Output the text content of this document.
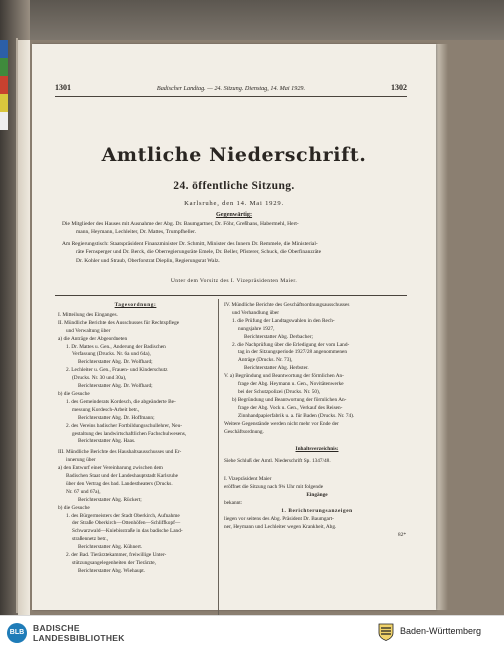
1301	Badischer Landtag. — 24. Sitzung. Dienstag, 14. Mai 1929.	1302
Amtliche Niederschrift.
24. öffentliche Sitzung.
Karlsruhe, den 14. Mai 1929.
Gegenwärtig:
Die Mitglieder des Hauses mit Ausnahme der Abg. Dr. Baumgartner, Dr. Föhr, Greßhans, Habermehl, Hert-
mann, Heymann, Lechleiter, Dr. Mattes, Trumpfheller.
Am Regierungstisch: Staatspräsident Finanzminister Dr. Schmitt, Minister des Innern Dr. Remmele, die Ministerial-
räte Fernsperger und Dr. Berck, die Oberregierungsräte Emele, Dr. Beller, Pfisterer, Schuck, die Oberfinanzräte
Dr. Kohler und Straub, Oberforstrat Dieplin, Regierungsrat Walz.
Unter dem Vorsitz des I. Vizepräsidenten Maier.
Tagesordnung:
I. Mitteilung des Einganges.
II. Mündliche Berichte des Ausschusses für Rechtspflege
und Verwaltung über
a) die Anträge der Abgeordneten
1. Dr. Mattes u. Gen., Änderung der Badischen
Verfassung (Drucks. Nr. 6a und 64a),
Berichterstatter Abg. Dr. Wolfhard;
2. Lechleiter u. Gen., Frauen- und Kinderschutz
(Drucks. Nr. 30 und 30a),
Berichterstatter Abg. Dr. Wolfhard;
b) die Gesuche
1. des Gemeinderats Kordesch, die abgeänderte Be-
messung Kordesch-Arbeit betr.,
Berichterstatter Abg. Dr. Hoffmann;
2. des Vereins badischer Fortbildungsschullehrer, Neu-
gestaltung des landwirtschaftlichen Fachschulwesens,
Berichterstatter Abg. Haas.
III. Mündliche Berichte des Haushaltsausschusses und Er-
innerung über
a) den Entwurf einer Vereinbarung zwischen dem
Badischen Staat und der Landeshauptstadt Karlsruhe
über den Vertrag des bad. Landestheaters (Drucks.
Nr. 67 und 67a),
Berichterstatter Abg. Rückert;
b) die Gesuche
1. des Bürgermeisters der Stadt Oberkirch, Aufnahme
der Straße Oberkirch—Ottenhöfen—Schliffkopf—
Schwarzwald—Kniebisstraße in das badische Land-
straßennetz betr.,
Berichterstatter Abg. Kühnert.
2. der Bad. Tierärztekammer, freiwillige Unter-
stützungsangelegenheiten der Tierärzte,
Berichterstatter Abg. Wiehaupt.
IV. Mündliche Berichte des Geschäftsordnungsausschusses
und Verhandlung über
1. die Prüfung der Landtagswahlen in den Rech-
nungsjahre 1927,
Berichterstatter Abg. Derbacher;
2. die Nachprüfung über die Erledigung der vom Land-
tag in der Sitzungsperiode 1927/28 angenommenen
Anträge (Drucks. Nr. 73),
Berichterstatter Abg. Herbster.
V. a) Begründung und Beantwortung der förmlichen An-
frage der Abg. Heymann u. Gen., Novitätenwerke
bei der Schutzpolizei (Drucks. Nr. 50),
b) Begründung und Beantwortung der förmlichen An-
frage der Abg. Vock u. Gen., Verkauf des Reisen-
Zinnhandpapierfabrik u. a. für Baden (Drucks. Nr. 74).
Weitere Gegenstände werden nicht mehr vor Ende der
Geschäftsordnung.
Inhaltsverzeichnis:
Siehe Schluß der Amtl. Niederschrift Sp. 1347/48.
I. Vizepräsident Maier
eröffnet die Sitzung nach 9¾ Uhr mit folgende
Eingänge
bekannt:
1. Berichterungsanzeigen
liegen vor seitens des Abg. Präsident Dr. Baumgart-
ner, Heymann und Lechleiter wegen Krankheit, Abg.
82*
BLB	BADISCHE
LANDESBIBLIOTHEK
Baden-Württemberg
